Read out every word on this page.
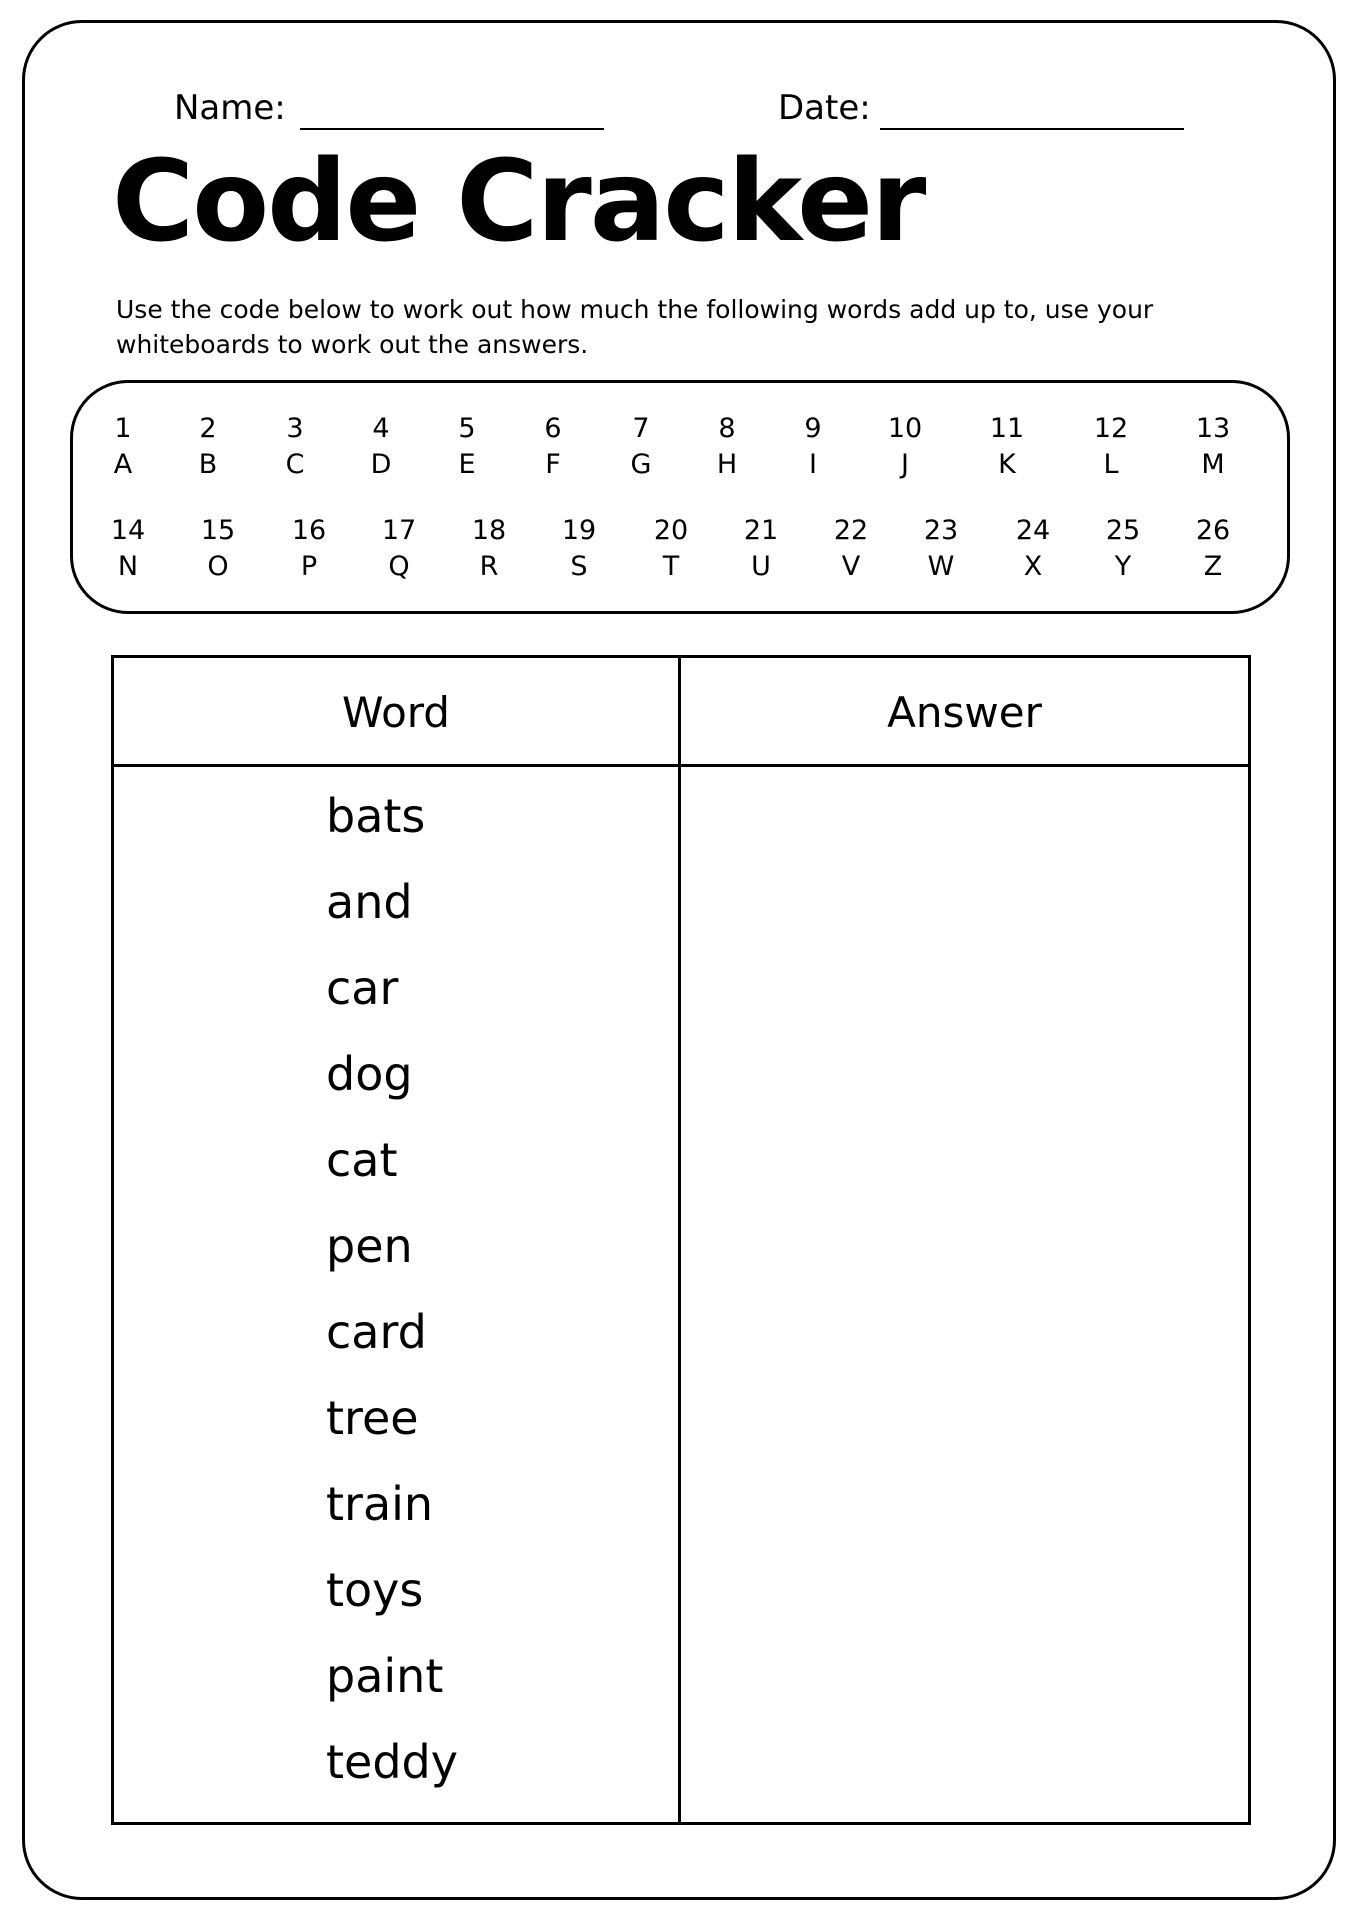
Name:	Date:
Code Cracker
Use the code below to work out how much the following words add up to, use your whiteboards to work out the answers.
1
A
2
B
3
C
4
D
5
E
6
F
7
G
8
H
9
I
10
J
11
K
12
L
13
M
14
N
15
O
16
P
17
Q
18
R
19
S
20
T
21
U
22
V
23
W
24
X
25
Y
26
Z
Word	Answer
bats
and
car
dog
cat
pen
card
tree
train
toys
paint
teddy
